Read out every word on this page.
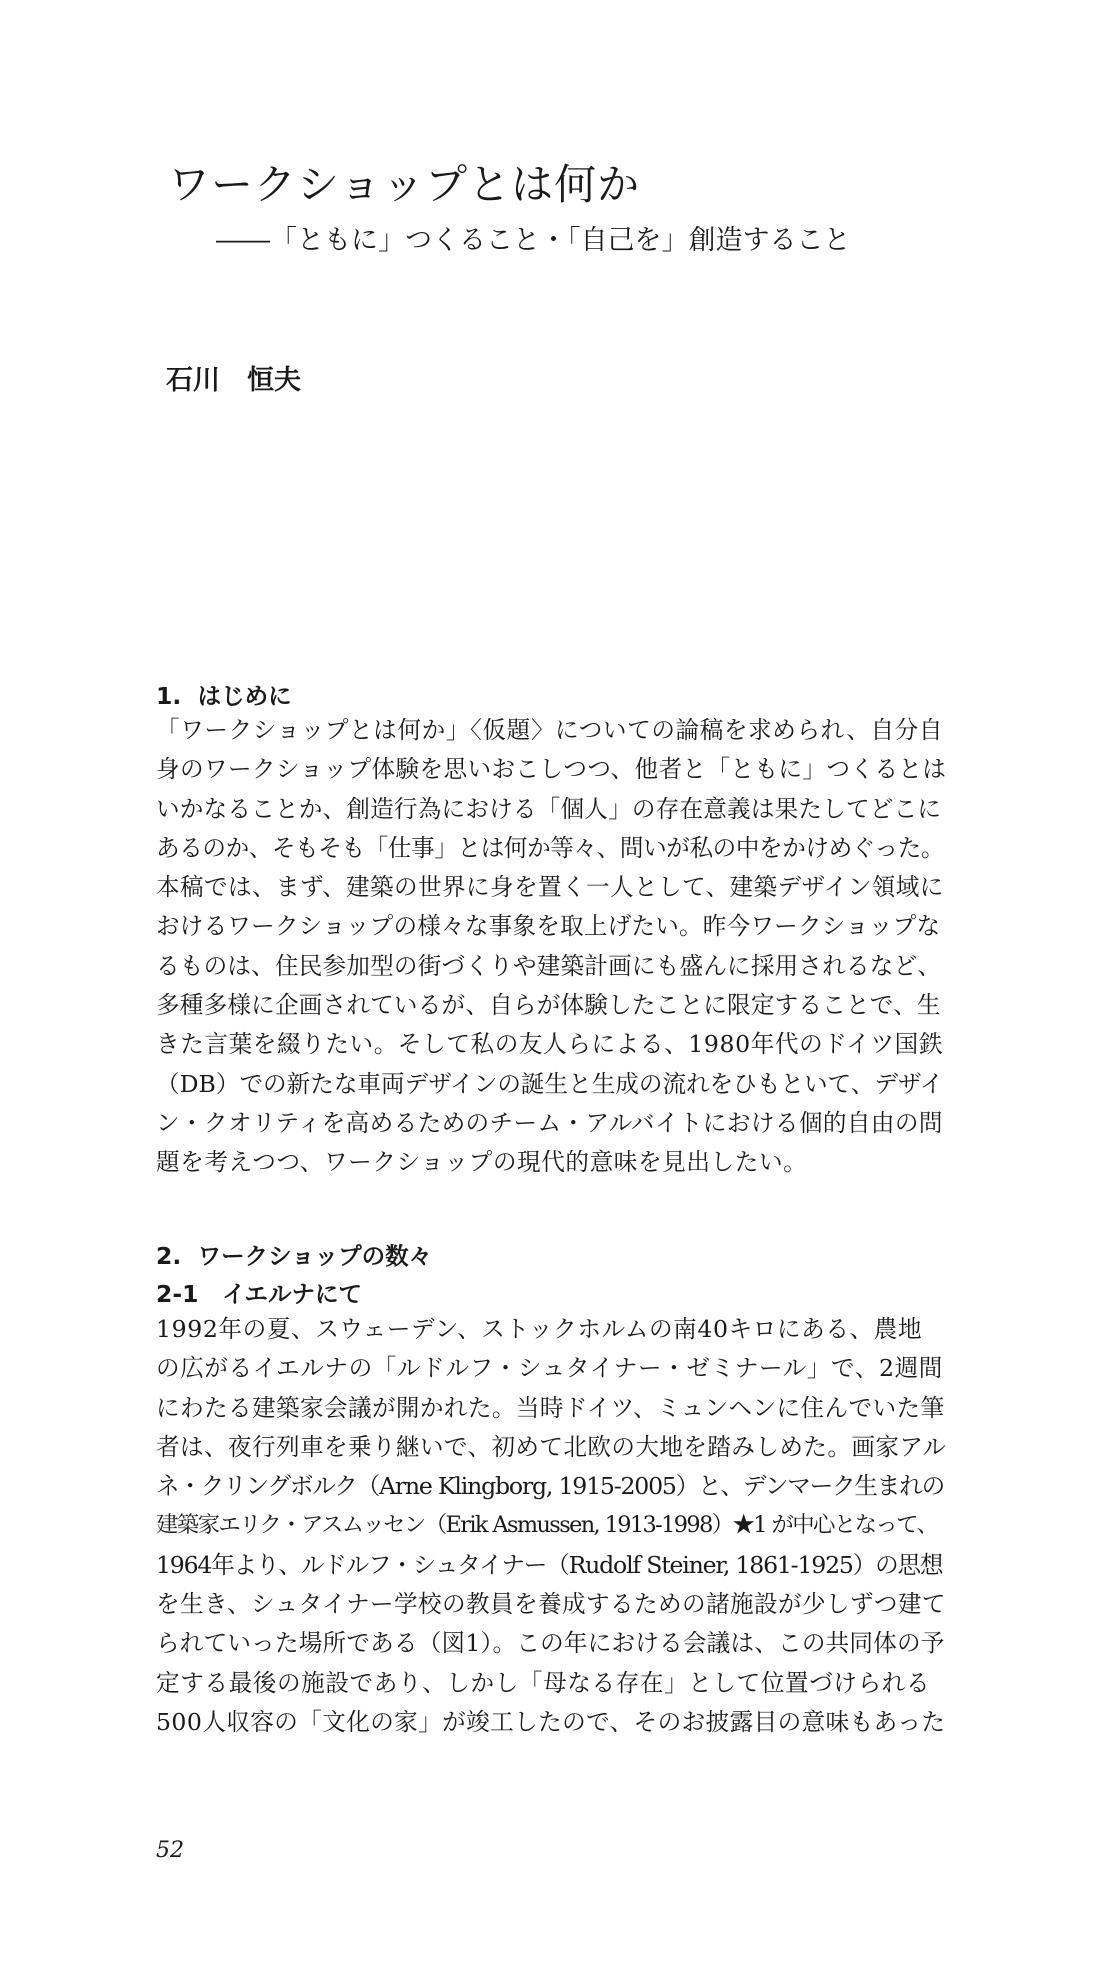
ワークショップとは何か
――「ともに」つくること・「自己を」創造すること
石川　恒夫
1.  はじめに
「ワークショップとは何か」〈仮題〉についての論稿を求められ、自分自
身のワークショップ体験を思いおこしつつ、他者と「ともに」つくるとは
いかなることか、創造行為における「個人」の存在意義は果たしてどこに
あるのか、そもそも「仕事」とは何か等々、問いが私の中をかけめぐった。
本稿では、まず、建築の世界に身を置く一人として、建築デザイン領域に
おけるワークショップの様々な事象を取上げたい。昨今ワークショップな
るものは、住民参加型の街づくりや建築計画にも盛んに採用されるなど、
多種多様に企画されているが、自らが体験したことに限定することで、生
きた言葉を綴りたい。そして私の友人らによる、1980年代のドイツ国鉄
（DB）での新たな車両デザインの誕生と生成の流れをひもといて、デザイ
ン・クオリティを高めるためのチーム・アルバイトにおける個的自由の問
題を考えつつ、ワークショップの現代的意味を見出したい。
2.  ワークショップの数々
2-1　イエルナにて
1992年の夏、スウェーデン、ストックホルムの南40キロにある、農地
の広がるイエルナの「ルドルフ・シュタイナー・ゼミナール」で、2週間
にわたる建築家会議が開かれた。当時ドイツ、ミュンヘンに住んでいた筆
者は、夜行列車を乗り継いで、初めて北欧の大地を踏みしめた。画家アル
ネ・クリングボルク（Arne Klingborg, 1915-2005）と、デンマーク生まれの
建築家エリク・アスムッセン（Erik Asmussen, 1913-1998）★1 が中心となって、
1964年より、ルドルフ・シュタイナー（Rudolf Steiner, 1861-1925）の思想
を生き、シュタイナー学校の教員を養成するための諸施設が少しずつ建て
られていった場所である（図1）。この年における会議は、この共同体の予
定する最後の施設であり、しかし「母なる存在」として位置づけられる
500人収容の「文化の家」が竣工したので、そのお披露目の意味もあった
52
